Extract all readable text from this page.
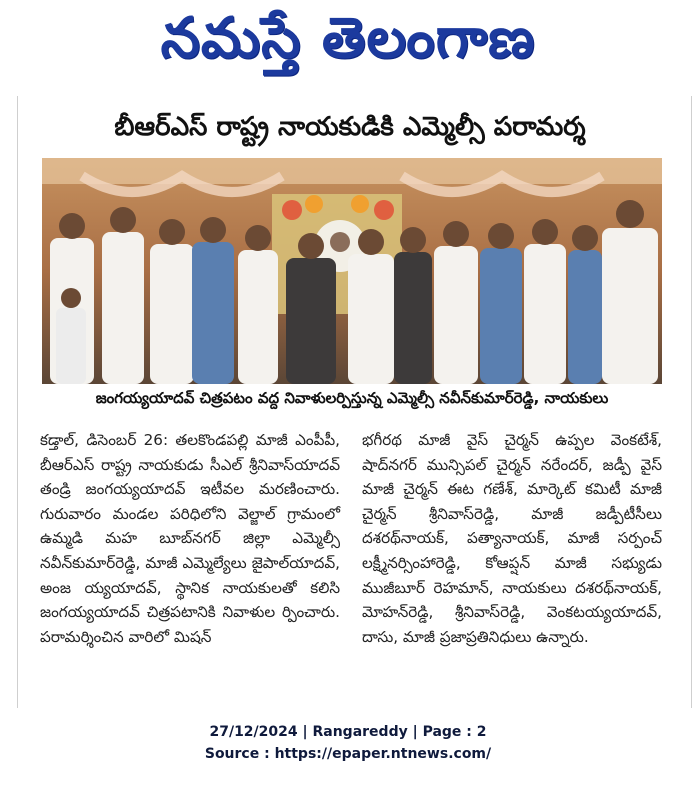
నమస్తే తెలంగాణ
బీఆర్ఎస్ రాష్ట్ర నాయకుడికి ఎమ్మెల్సీ పరామర్శ
జంగయ్యయాదవ్ చిత్రపటం వద్ద నివాళులర్పిస్తున్న ఎమ్మెల్సీ నవీన్‌కుమార్‌రెడ్డి, నాయకులు

కడ్తాల్, డిసెంబర్ 26: తలకొండపల్లి మాజీ ఎంపీపీ, బీఆర్ఎస్ రాష్ట్ర నాయకుడు సీఎల్ శ్రీనివాస్‌యాదవ్ తండ్రి జంగయ్యయాదవ్ ఇటీవల మరణించారు. గురువారం మండల పరిధిలోని వెల్జాల్ గ్రామంలో ఉమ్మడి మహ బూబ్‌నగర్ జిల్లా ఎమ్మెల్సీ నవీన్‌కుమార్‌రెడ్డి, మాజీ ఎమ్మెల్యేలు జైపాల్‌యాదవ్, అంజ య్యయాదవ్, స్థానిక నాయకులతో కలిసి జంగయ్యయాదవ్ చిత్రపటానికి నివాళుల ర్పించారు. పరామర్శించిన వారిలో మిషన్

భగీరథ మాజీ వైస్ చైర్మన్ ఉప్పల వెంకటేశ్, షాద్‌నగర్ మున్సిపల్ చైర్మన్ నరేందర్, జడ్పీ వైస్ మాజీ చైర్మన్ ఈట గణేశ్, మార్కెట్ కమిటీ మాజీ చైర్మన్ శ్రీనివాస్‌రెడ్డి, మాజీ జడ్పీటీసీలు దశరథ్‌నాయక్, పత్యానాయక్, మాజీ సర్పంచ్ లక్ష్మీనర్సింహారెడ్డి, కోఆప్షన్ మాజీ సభ్యుడు ముజీబూర్ రెహమాన్, నాయకులు దశరథ్‌నాయక్, మోహన్‌రెడ్డి, శ్రీనివాస్‌రెడ్డి, వెంకటయ్యయాదవ్, దాసు, మాజీ ప్రజాప్రతినిధులు ఉన్నారు.

27/12/2024 | Rangareddy | Page : 2
Source : https://epaper.ntnews.com/
